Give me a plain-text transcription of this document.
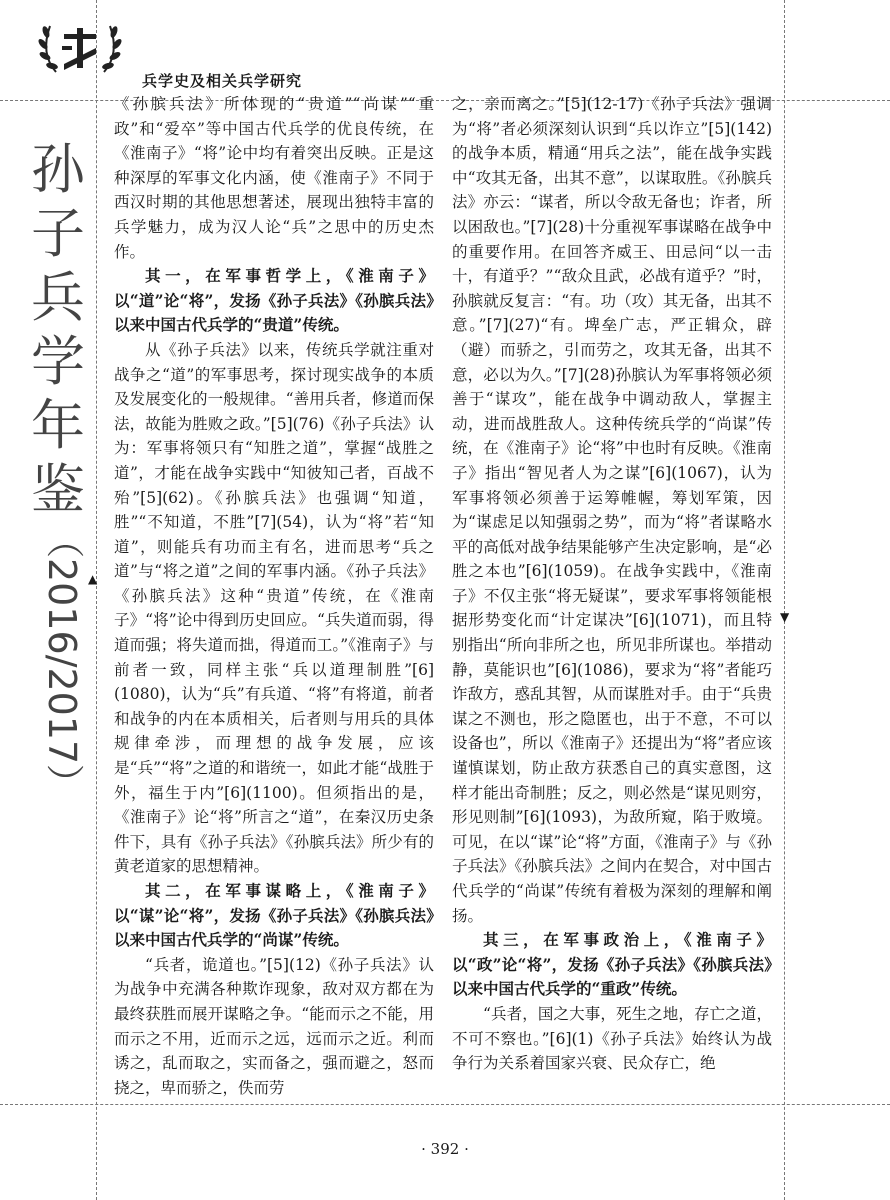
兵学史及相关兵学研究
孙
子
兵
学
年
鉴
（2016/2017） ▲
▼

《孙膑兵法》所体现的“贵道”“尚谋”“重政”和“爱卒”等中国古代兵学的优良传统，在《淮南子》“将”论中均有着突出反映。正是这种深厚的军事文化内涵，使《淮南子》不同于西汉时期的其他思想著述，展现出独特丰富的兵学魅力，成为汉人论“兵”之思中的历史杰作。

其一，在军事哲学上，《淮南子》以“道”论“将”，发扬《孙子兵法》《孙膑兵法》以来中国古代兵学的“贵道”传统。

从《孙子兵法》以来，传统兵学就注重对战争之“道”的军事思考，探讨现实战争的本质及发展变化的一般规律。“善用兵者，修道而保法，故能为胜败之政。”[5](76)《孙子兵法》认为：军事将领只有“知胜之道”，掌握“战胜之道”，才能在战争实践中“知彼知己者，百战不殆”[5](62)。《孙膑兵法》也强调“知道，胜”“不知道，不胜”[7](54)，认为“将”若“知道”，则能兵有功而主有名，进而思考“兵之道”与“将之道”之间的军事内涵。《孙子兵法》《孙膑兵法》这种“贵道”传统，在《淮南子》“将”论中得到历史回应。“兵失道而弱，得道而强；将失道而拙，得道而工。”《淮南子》与前者一致，同样主张“兵以道理制胜”[6](1080)，认为“兵”有兵道、“将”有将道，前者和战争的内在本质相关，后者则与用兵的具体规律牵涉，而理想的战争发展，应该是“兵”“将”之道的和谐统一，如此才能“战胜于外，福生于内”[6](1100)。但须指出的是，《淮南子》论“将”所言之“道”，在秦汉历史条件下，具有《孙子兵法》《孙膑兵法》所少有的黄老道家的思想精神。

其二，在军事谋略上，《淮南子》以“谋”论“将”，发扬《孙子兵法》《孙膑兵法》以来中国古代兵学的“尚谋”传统。

“兵者，诡道也。”[5](12)《孙子兵法》认为战争中充满各种欺诈现象，敌对双方都在为最终获胜而展开谋略之争。“能而示之不能，用而示之不用，近而示之远，远而示之近。利而诱之，乱而取之，实而备之，强而避之，怒而挠之，卑而骄之，佚而劳

之，亲而离之。”[5](12-17)《孙子兵法》强调为“将”者必须深刻认识到“兵以诈立”[5](142)的战争本质，精通“用兵之法”，能在战争实践中“攻其无备，出其不意”，以谋取胜。《孙膑兵法》亦云：“谋者，所以令敌无备也；诈者，所以困敌也。”[7](28)十分重视军事谋略在战争中的重要作用。在回答齐威王、田忌问“以一击十，有道乎？”“敌众且武，必战有道乎？”时，孙膑就反复言：“有。功（攻）其无备，出其不意。”[7](27)“有。埤垒广志，严正辑众，辟（避）而骄之，引而劳之，攻其无备，出其不意，必以为久。”[7](28)孙膑认为军事将领必须善于“谋攻”，能在战争中调动敌人，掌握主动，进而战胜敌人。这种传统兵学的“尚谋”传统，在《淮南子》论“将”中也时有反映。《淮南子》指出“智见者人为之谋”[6](1067)，认为军事将领必须善于运筹帷幄，筹划军策，因为“谋虑足以知强弱之势”，而为“将”者谋略水平的高低对战争结果能够产生决定影响，是“必胜之本也”[6](1059)。在战争实践中，《淮南子》不仅主张“将无疑谋”，要求军事将领能根据形势变化而“计定谋决”[6](1071)，而且特别指出“所向非所之也，所见非所谋也。举措动静，莫能识也”[6](1086)，要求为“将”者能巧诈敌方，惑乱其智，从而谋胜对手。由于“兵贵谋之不测也，形之隐匿也，出于不意，不可以设备也”，所以《淮南子》还提出为“将”者应该谨慎谋划，防止敌方获悉自己的真实意图，这样才能出奇制胜；反之，则必然是“谋见则穷，形见则制”[6](1093)，为敌所窥，陷于败境。可见，在以“谋”论“将”方面，《淮南子》与《孙子兵法》《孙膑兵法》之间内在契合，对中国古代兵学的“尚谋”传统有着极为深刻的理解和阐扬。

其三，在军事政治上，《淮南子》以“政”论“将”，发扬《孙子兵法》《孙膑兵法》以来中国古代兵学的“重政”传统。

“兵者，国之大事，死生之地，存亡之道，不可不察也。”[6](1)《孙子兵法》始终认为战争行为关系着国家兴衰、民众存亡，绝

· 392 ·
